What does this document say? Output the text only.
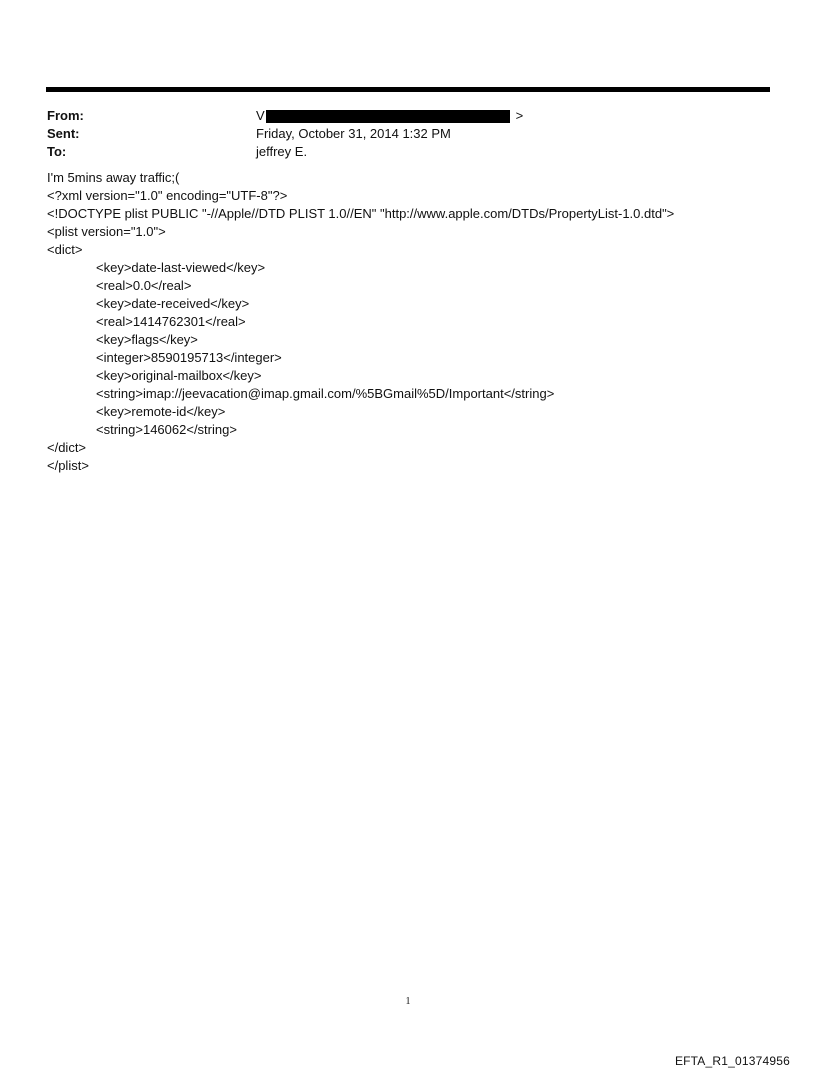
From:	V	>
Sent:	Friday, October 31, 2014 1:32 PM
To:	jeffrey E.
I'm 5mins away traffic;(
<?xml version="1.0" encoding="UTF-8"?>
<!DOCTYPE plist PUBLIC "-//Apple//DTD PLIST 1.0//EN" "http://www.apple.com/DTDs/PropertyList-1.0.dtd">
<plist version="1.0">
<dict>
<key>date-last-viewed</key>
<real>0.0</real>
<key>date-received</key>
<real>1414762301</real>
<key>flags</key>
<integer>8590195713</integer>
<key>original-mailbox</key>
<string>imap://jeevacation@imap.gmail.com/%5BGmail%5D/Important</string>
<key>remote-id</key>
<string>146062</string>
</dict>
</plist>
1
EFTA_R1_01374956
